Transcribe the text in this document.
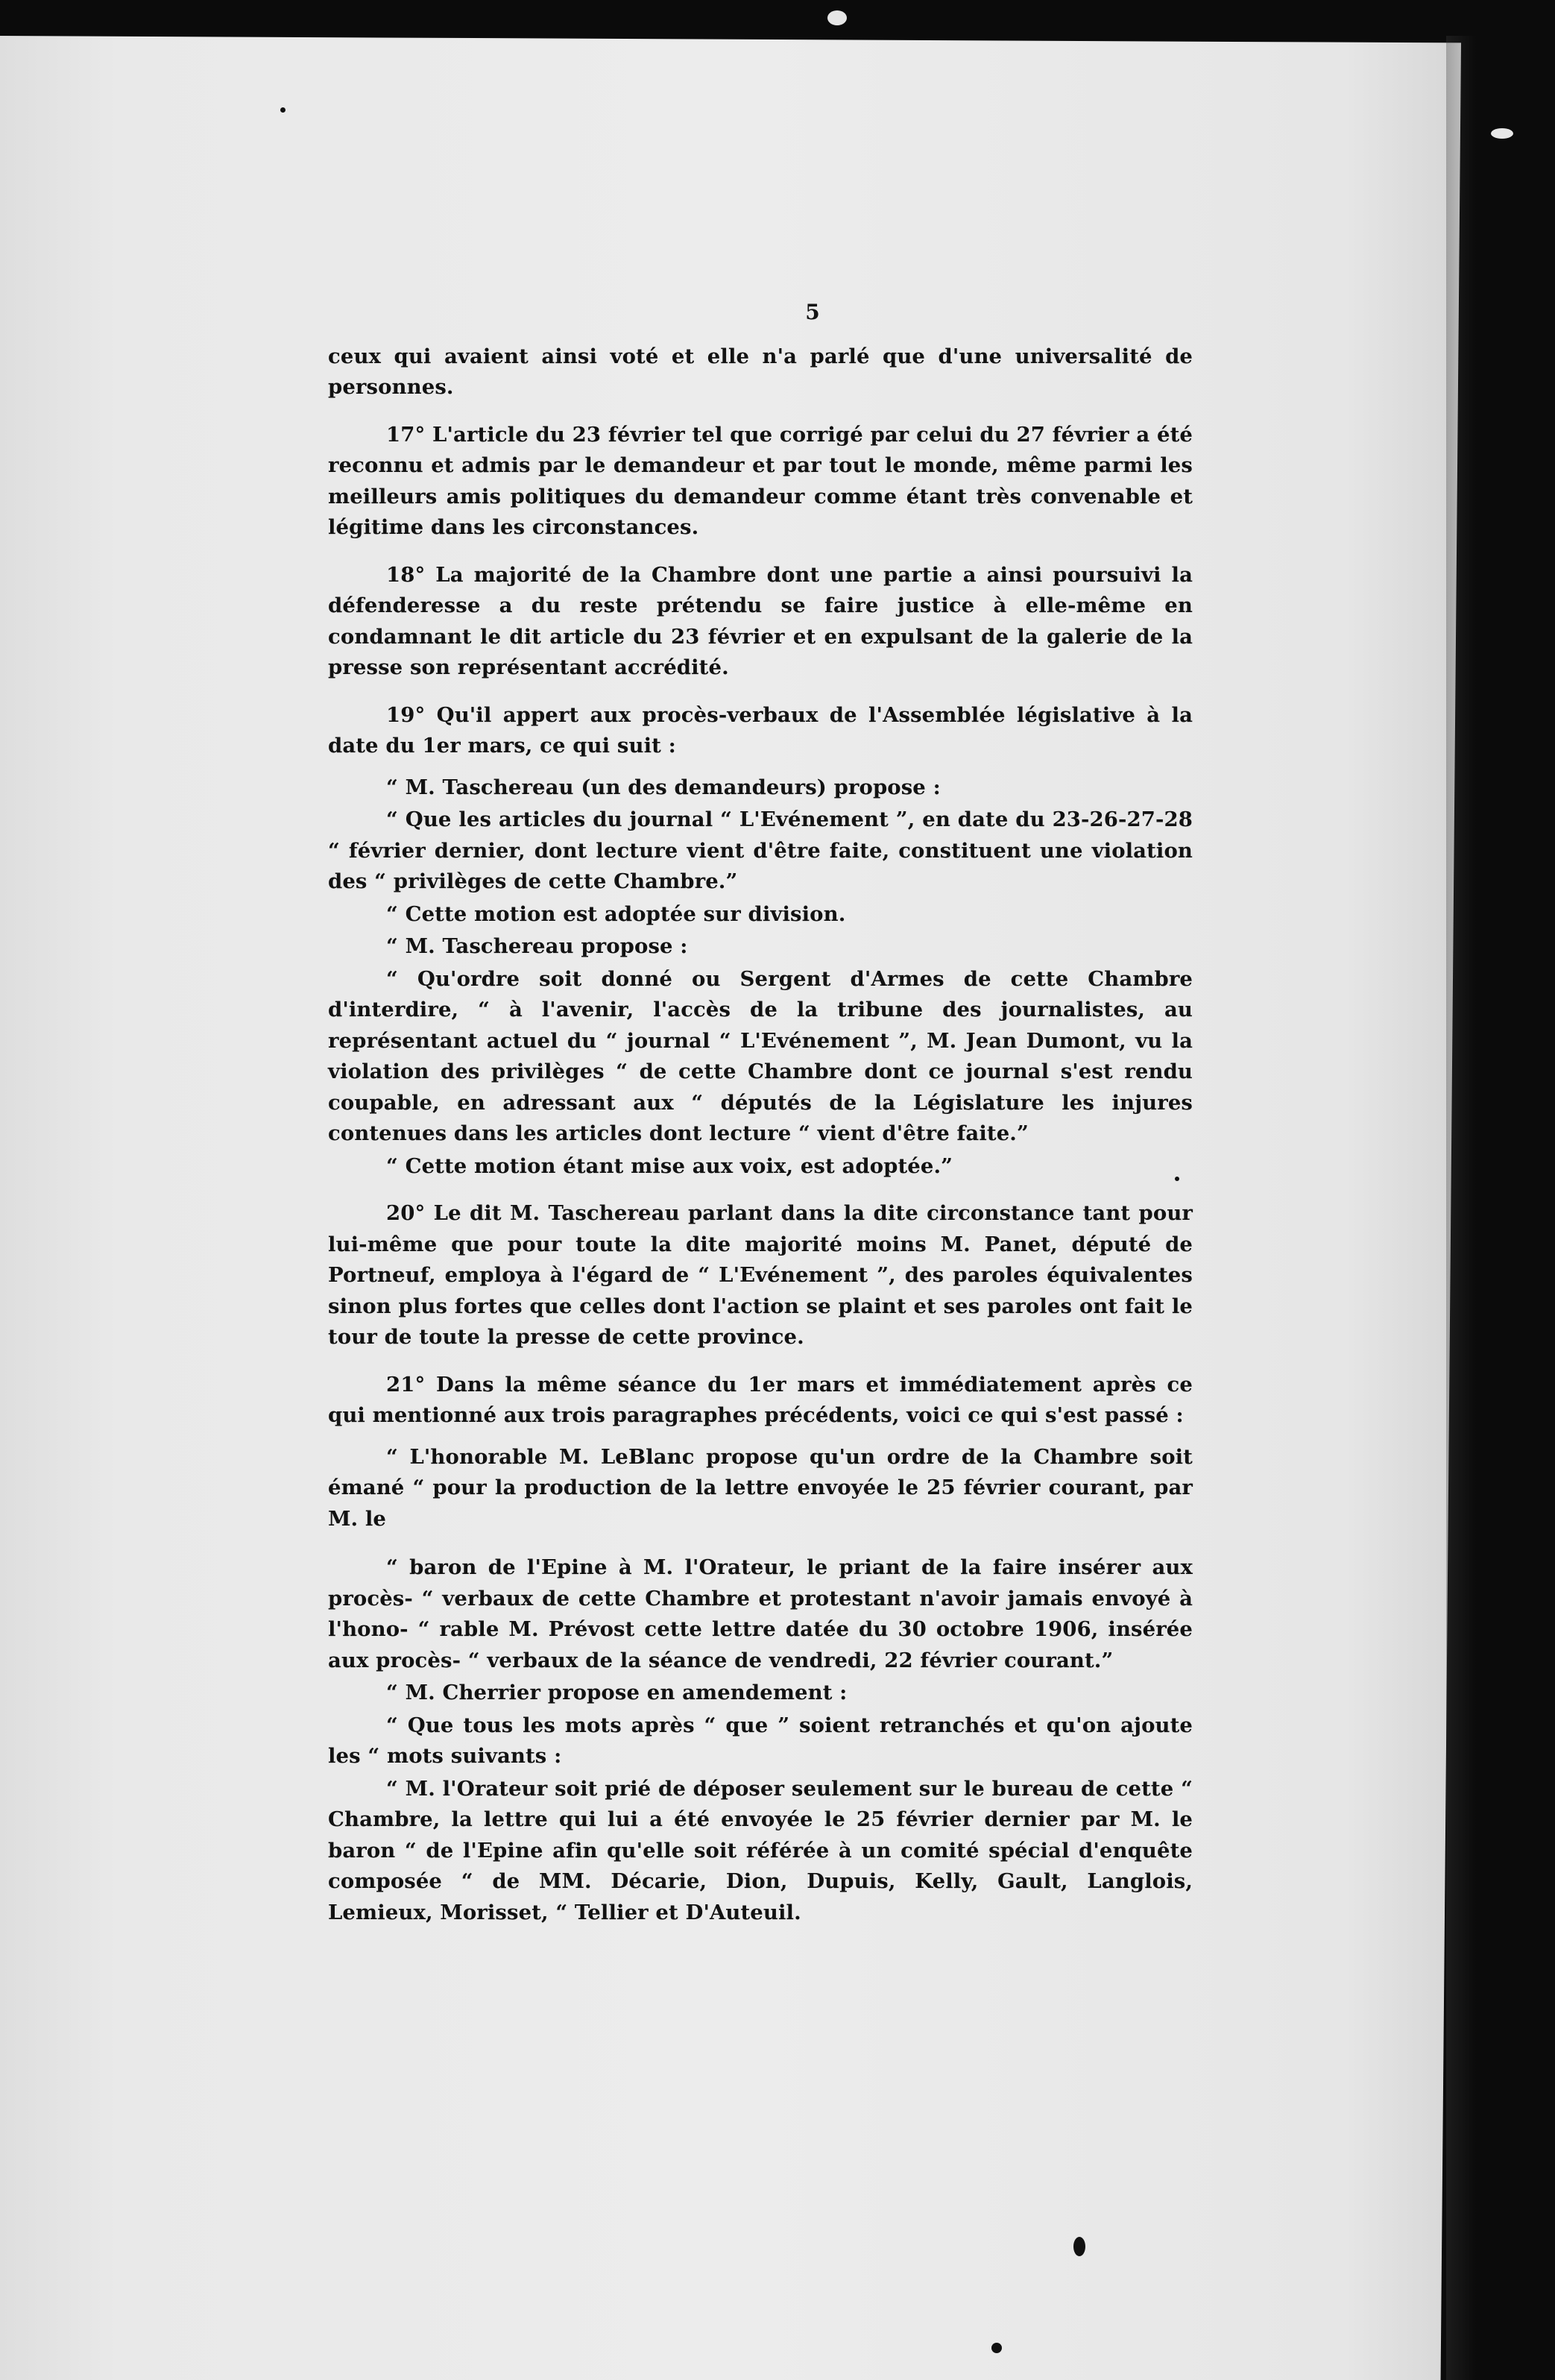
5

ceux qui avaient ainsi voté et elle n'a parlé que d'une universalité de personnes.

17° L'article du 23 février tel que corrigé par celui du 27 février a été reconnu et admis par le demandeur et par tout le monde, même parmi les meilleurs amis politiques du demandeur comme étant très convenable et légitime dans les circonstances.

18° La majorité de la Chambre dont une partie a ainsi poursuivi la défenderesse a du reste prétendu se faire justice à elle-même en condamnant le dit article du 23 février et en expulsant de la galerie de la presse son représentant accrédité.

19° Qu'il appert aux procès-verbaux de l'Assemblée législative à la date du 1er mars, ce qui suit :

“ M. Taschereau (un des demandeurs) propose :

“ Que les articles du journal “ L'Evénement ”, en date du 23-26-27-28 “ février dernier, dont lecture vient d'être faite, constituent une violation des “ privilèges de cette Chambre.”

“ Cette motion est adoptée sur division.

“ M. Taschereau propose :

“ Qu'ordre soit donné ou Sergent d'Armes de cette Chambre d'interdire, “ à l'avenir, l'accès de la tribune des journalistes, au représentant actuel du “ journal “ L'Evénement ”, M. Jean Dumont, vu la violation des privilèges “ de cette Chambre dont ce journal s'est rendu coupable, en adressant aux “ députés de la Législature les injures contenues dans les articles dont lecture “ vient d'être faite.”

“ Cette motion étant mise aux voix, est adoptée.”

20° Le dit M. Taschereau parlant dans la dite circonstance tant pour lui-même que pour toute la dite majorité moins M. Panet, député de Portneuf, employa à l'égard de “ L'Evénement ”, des paroles équivalentes sinon plus fortes que celles dont l'action se plaint et ses paroles ont fait le tour de toute la presse de cette province.

21° Dans la même séance du 1er mars et immédiatement après ce qui mentionné aux trois paragraphes précédents, voici ce qui s'est passé :

“ L'honorable M. LeBlanc propose qu'un ordre de la Chambre soit émané “ pour la production de la lettre envoyée le 25 février courant, par M. le

“ baron de l'Epine à M. l'Orateur, le priant de la faire insérer aux procès- “ verbaux de cette Chambre et protestant n'avoir jamais envoyé à l'hono- “ rable M. Prévost cette lettre datée du 30 octobre 1906, insérée aux procès- “ verbaux de la séance de vendredi, 22 février courant.”

“ M. Cherrier propose en amendement :

“ Que tous les mots après “ que ” soient retranchés et qu'on ajoute les “ mots suivants :

“ M. l'Orateur soit prié de déposer seulement sur le bureau de cette “ Chambre, la lettre qui lui a été envoyée le 25 février dernier par M. le baron “ de l'Epine afin qu'elle soit référée à un comité spécial d'enquête composée “ de MM. Décarie, Dion, Dupuis, Kelly, Gault, Langlois, Lemieux, Morisset, “ Tellier et D'Auteuil.
